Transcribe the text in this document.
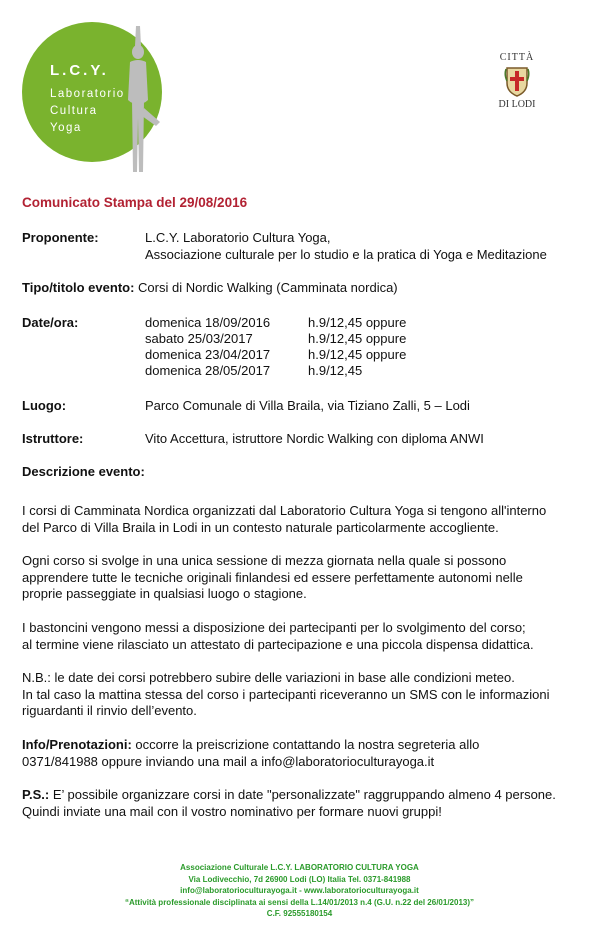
L.C.Y.
Laboratorio
Cultura
Yoga
CITTÀ
DI LODI
Comunicato Stampa del 29/08/2016
Proponente:	L.C.Y. Laboratorio Cultura Yoga,
Associazione culturale per lo studio e la pratica di Yoga e Meditazione
Tipo/titolo evento: Corsi di Nordic Walking (Camminata nordica)
Date/ora:	domenica 18/09/2016	h.9/12,45 oppure
sabato 25/03/2017	h.9/12,45 oppure
domenica 23/04/2017	h.9/12,45 oppure
domenica 28/05/2017	h.9/12,45
Luogo:	Parco Comunale di Villa Braila, via Tiziano Zalli, 5 – Lodi
Istruttore:	Vito Accettura, istruttore Nordic Walking con diploma ANWI
Descrizione evento:
I corsi di Camminata Nordica organizzati dal Laboratorio Cultura Yoga si tengono all'interno
del Parco di Villa Braila in Lodi in un contesto naturale particolarmente accogliente.
Ogni corso si svolge in una unica sessione di mezza giornata nella quale si possono
apprendere tutte le tecniche originali finlandesi ed essere perfettamente autonomi nelle
proprie passeggiate in qualsiasi luogo o stagione.
I bastoncini vengono messi a disposizione dei partecipanti per lo svolgimento del corso;
al termine viene rilasciato un attestato di partecipazione e una piccola dispensa didattica.
N.B.: le date dei corsi potrebbero subire delle variazioni in base alle condizioni meteo.
In tal caso la mattina stessa del corso i partecipanti riceveranno un SMS con le informazioni
riguardanti il rinvio dell’evento.
Info/Prenotazioni: occorre la preiscrizione contattando la nostra segreteria allo
0371/841988 oppure inviando una mail a info@laboratorioculturayoga.it
P.S.: E’ possibile organizzare corsi in date "personalizzate" raggruppando almeno 4 persone.
Quindi inviate una mail con il vostro nominativo per formare nuovi gruppi!
Associazione Culturale L.C.Y. LABORATORIO CULTURA YOGA
Via Lodivecchio, 7d 26900 Lodi (LO) Italia Tel. 0371-841988
info@laboratorioculturayoga.it - www.laboratorioculturayoga.it
“Attività professionale disciplinata ai sensi della L.14/01/2013 n.4 (G.U. n.22 del 26/01/2013)”
C.F. 92555180154
